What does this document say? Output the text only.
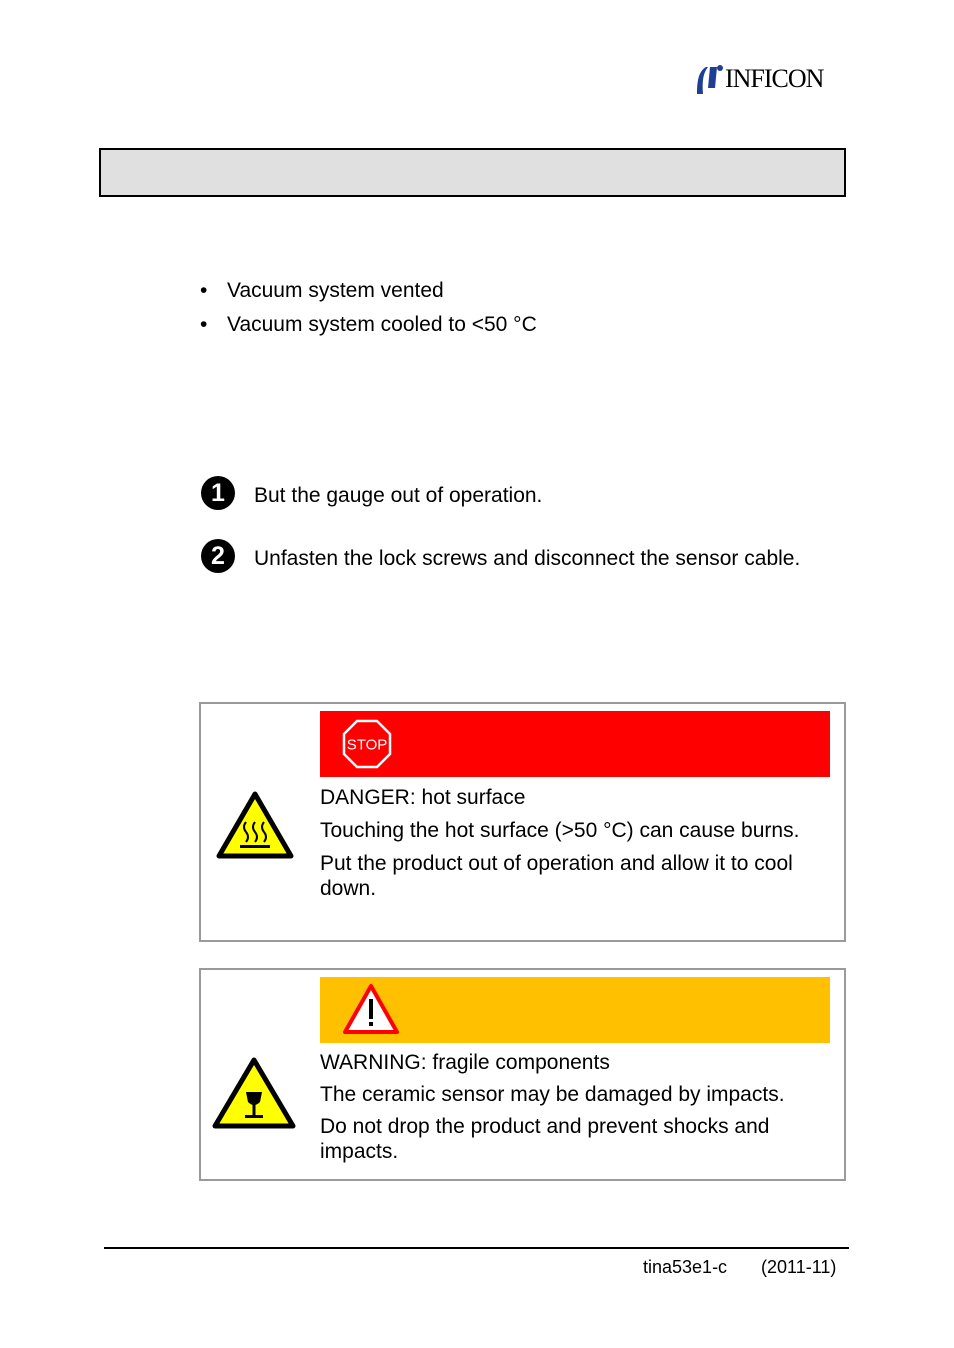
INFICON
• Vacuum system vented
• Vacuum system cooled to <50 °C
1	But the gauge out of operation.
2	Unfasten the lock screws and disconnect the sensor cable.
STOP

DANGER: hot surface

Touching the hot surface (>50 °C) can cause burns.

Put the product out of operation and allow it to cool down.

WARNING: fragile components

The ceramic sensor may be damaged by impacts.

Do not drop the product and prevent shocks and impacts.

tina53e1-c (2011-11)
